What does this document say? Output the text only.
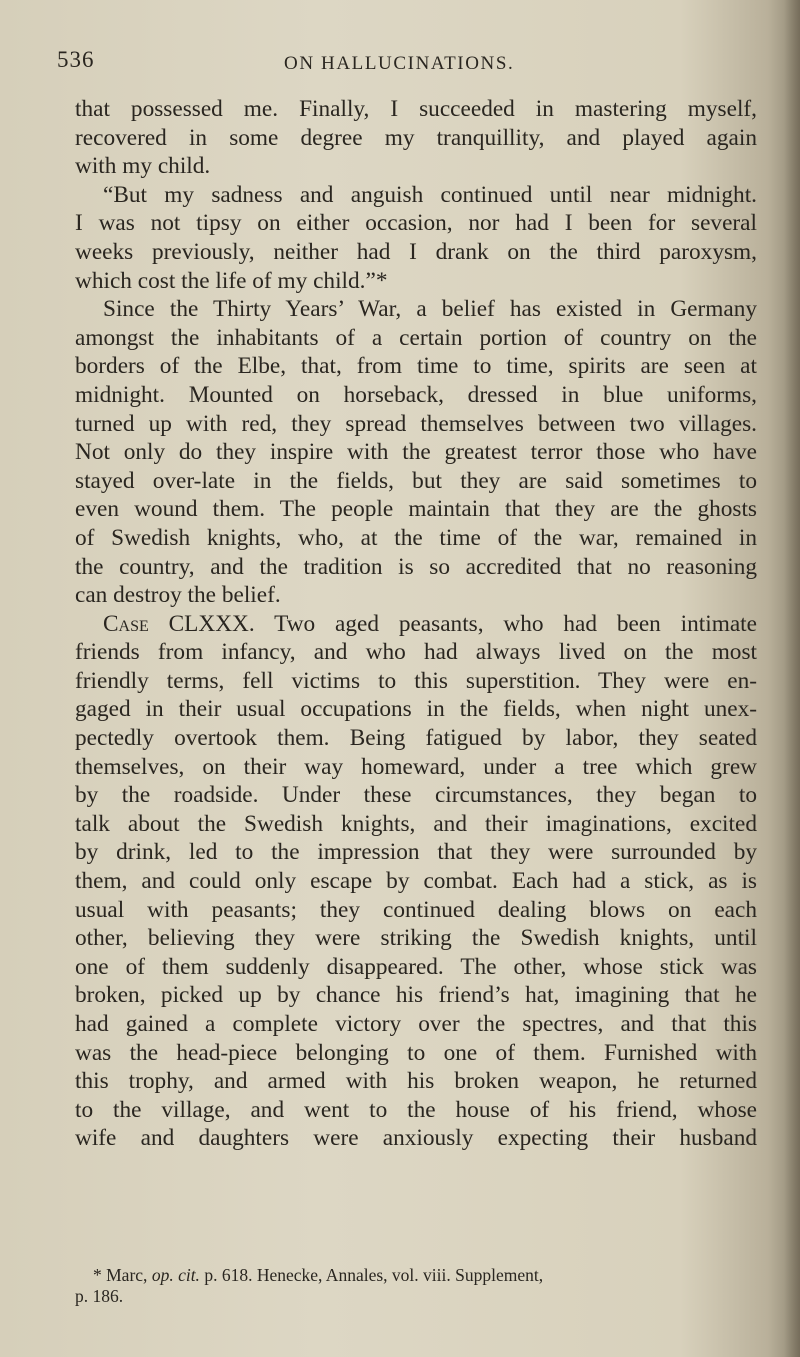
536	ON HALLUCINATIONS.
that possessed me. Finally, I succeeded in mastering myself,
recovered in some degree my tranquillity, and played again
with my child.
“But my sadness and anguish continued until near midnight.
I was not tipsy on either occasion, nor had I been for several
weeks previously, neither had I drank on the third paroxysm,
which cost the life of my child.”*
Since the Thirty Years’ War, a belief has existed in Germany
amongst the inhabitants of a certain portion of country on the
borders of the Elbe, that, from time to time, spirits are seen at
midnight. Mounted on horseback, dressed in blue uniforms,
turned up with red, they spread themselves between two villages.
Not only do they inspire with the greatest terror those who have
stayed over-late in the fields, but they are said sometimes to
even wound them. The people maintain that they are the ghosts
of Swedish knights, who, at the time of the war, remained in
the country, and the tradition is so accredited that no reasoning
can destroy the belief.
Case CLXXX. Two aged peasants, who had been intimate
friends from infancy, and who had always lived on the most
friendly terms, fell victims to this superstition. They were en-
gaged in their usual occupations in the fields, when night unex-
pectedly overtook them. Being fatigued by labor, they seated
themselves, on their way homeward, under a tree which grew
by the roadside. Under these circumstances, they began to
talk about the Swedish knights, and their imaginations, excited
by drink, led to the impression that they were surrounded by
them, and could only escape by combat. Each had a stick, as is
usual with peasants; they continued dealing blows on each
other, believing they were striking the Swedish knights, until
one of them suddenly disappeared. The other, whose stick was
broken, picked up by chance his friend’s hat, imagining that he
had gained a complete victory over the spectres, and that this
was the head-piece belonging to one of them. Furnished with
this trophy, and armed with his broken weapon, he returned
to the village, and went to the house of his friend, whose
wife and daughters were anxiously expecting their husband
* Marc, op. cit. p. 618. Henecke, Annales, vol. viii. Supplement,
p. 186.
